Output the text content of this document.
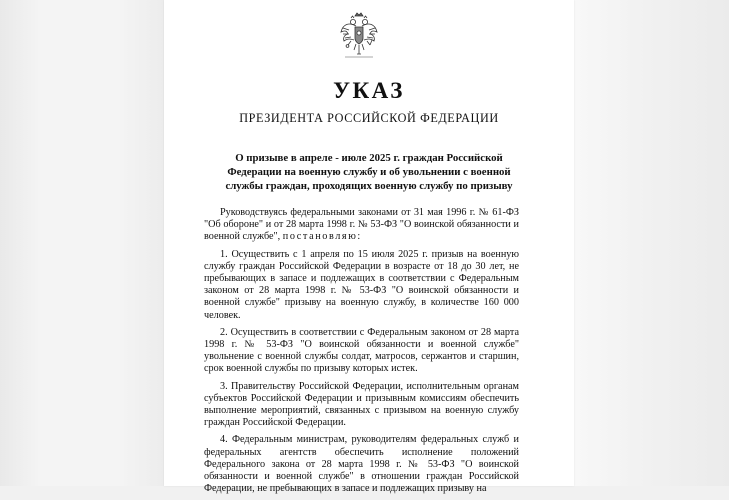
УКАЗ
ПРЕЗИДЕНТА РОССИЙСКОЙ ФЕДЕРАЦИИ
О призыве в апреле - июле 2025 г. граждан Российской
Федерации на военную службу и об увольнении с военной
службы граждан, проходящих военную службу по призыву

Руководствуясь федеральными законами от 31 мая 1996 г. № 61-ФЗ "Об обороне" и от 28 марта 1998 г. № 53-ФЗ "О воинской обязанности и военной службе", постановляю:

1. Осуществить с 1 апреля по 15 июля 2025 г. призыв на военную службу граждан Российской Федерации в возрасте от 18 до 30 лет, не пребывающих в запасе и подлежащих в соответствии с Федеральным законом от 28 марта 1998 г. № 53-ФЗ "О воинской обязанности и военной службе" призыву на военную службу, в количестве 160 000 человек.

2. Осуществить в соответствии с Федеральным законом от 28 марта 1998 г. № 53-ФЗ "О воинской обязанности и военной службе" увольнение с военной службы солдат, матросов, сержантов и старшин, срок военной службы по призыву которых истек.

3. Правительству Российской Федерации, исполнительным органам субъектов Российской Федерации и призывным комиссиям обеспечить выполнение мероприятий, связанных с призывом на военную службу граждан Российской Федерации.

4. Федеральным министрам, руководителям федеральных служб и федеральных агентств обеспечить исполнение положений Федерального закона от 28 марта 1998 г. № 53-ФЗ "О воинской обязанности и военной службе" в отношении граждан Российской Федерации, не пребывающих в запасе и подлежащих призыву на
